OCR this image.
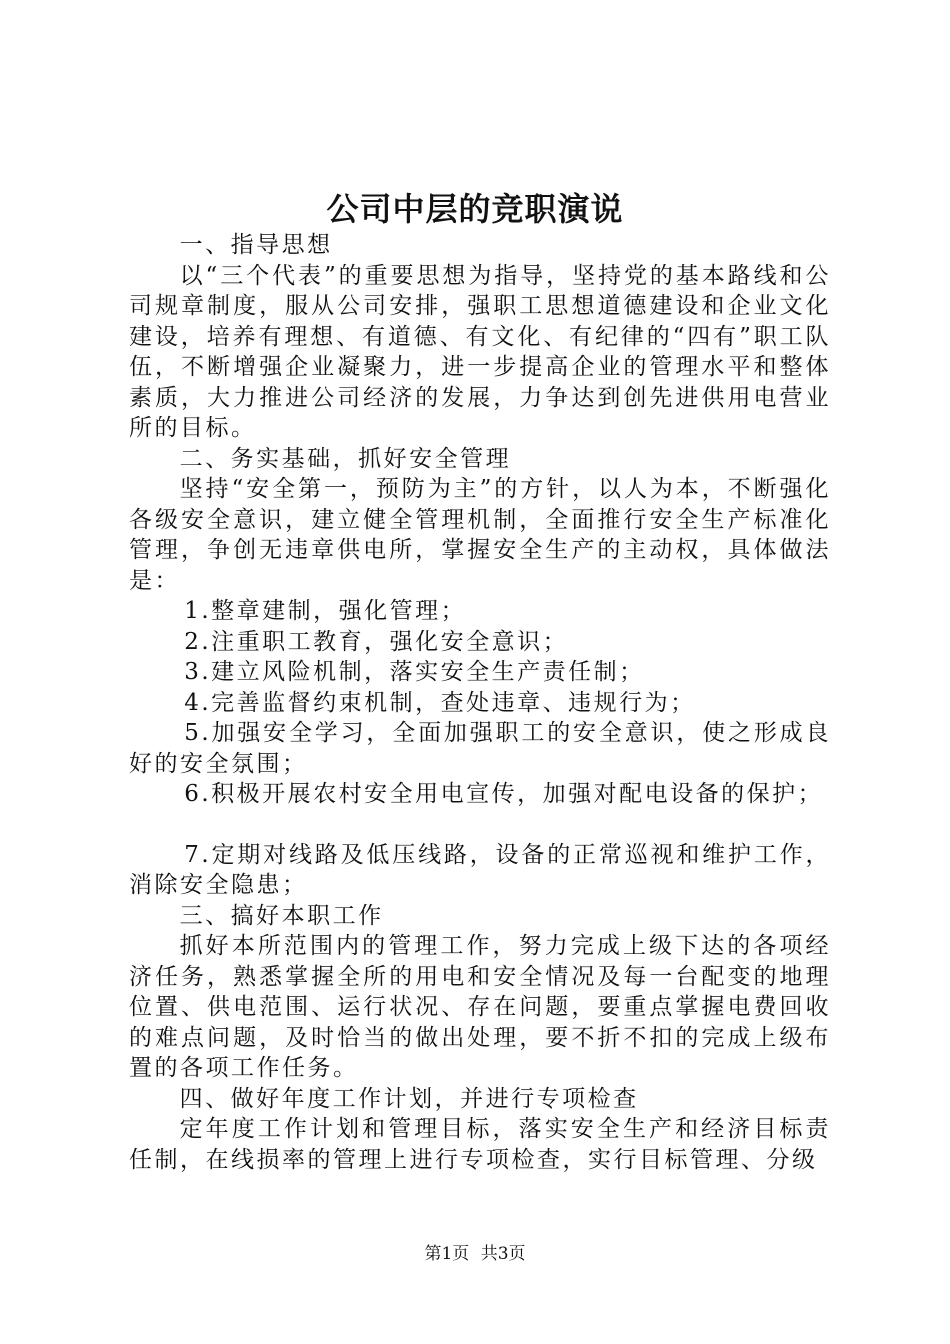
公司中层的竞职演说

一、指导思想

以“三个代表”的重要思想为指导，坚持党的基本路线和公司规章制度，服从公司安排，强职工思想道德建设和企业文化建设，培养有理想、有道德、有文化、有纪律的“四有”职工队伍，不断增强企业凝聚力，进一步提高企业的管理水平和整体素质，大力推进公司经济的发展，力争达到创先进供用电营业所的目标。

二、务实基础，抓好安全管理

坚持“安全第一，预防为主”的方针，以人为本，不断强化各级安全意识，建立健全管理机制，全面推行安全生产标准化管理，争创无违章供电所，掌握安全生产的主动权，具体做法是：

1.整章建制，强化管理；

2.注重职工教育，强化安全意识；

3.建立风险机制，落实安全生产责任制；

4.完善监督约束机制，查处违章、违规行为；

5.加强安全学习，全面加强职工的安全意识，使之形成良好的安全氛围；

6.积极开展农村安全用电宣传，加强对配电设备的保护；

7.定期对线路及低压线路，设备的正常巡视和维护工作，消除安全隐患；

三、搞好本职工作

抓好本所范围内的管理工作，努力完成上级下达的各项经济任务，熟悉掌握全所的用电和安全情况及每一台配变的地理位置、供电范围、运行状况、存在问题，要重点掌握电费回收的难点问题，及时恰当的做出处理，要不折不扣的完成上级布置的各项工作任务。

四、做好年度工作计划，并进行专项检查

定年度工作计划和管理目标，落实安全生产和经济目标责任制，在线损率的管理上进行专项检查，实行目标管理、分级

第1页 共3页
